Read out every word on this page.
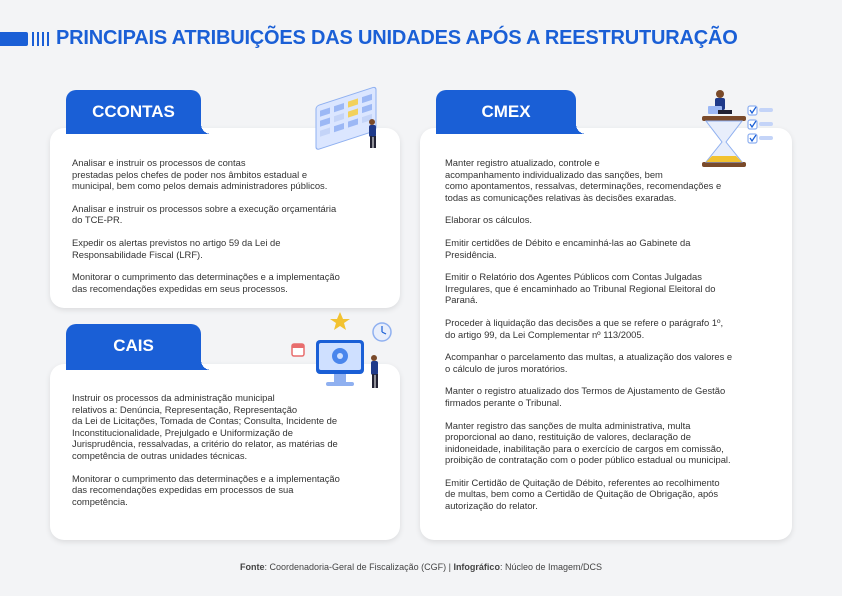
PRINCIPAIS ATRIBUIÇÕES DAS UNIDADES APÓS A REESTRUTURAÇÃO
CCONTAS

Analisar e instruir os processos de contas
prestadas pelos chefes de poder nos âmbitos estadual e
municipal, bem como pelos demais administradores públicos.

Analisar e instruir os processos sobre a execução orçamentária
do TCE-PR.

Expedir os alertas previstos no artigo 59 da Lei de
Responsabilidade Fiscal (LRF).

Monitorar o cumprimento das determinações e a implementação
das recomendações expedidas em seus processos.

CAIS

Instruir os processos da administração municipal
relativos a: Denúncia, Representação, Representação
da Lei de Licitações, Tomada de Contas; Consulta, Incidente de
Inconstitucionalidade, Prejulgado e Uniformização de
Jurisprudência, ressalvadas, a critério do relator, as matérias de
competência de outras unidades técnicas.

Monitorar o cumprimento das determinações e a implementação
das recomendações expedidas em processos de sua
competência.

CMEX

Manter registro atualizado, controle e
acompanhamento individualizado das sanções, bem
como apontamentos, ressalvas, determinações, recomendações e
todas as comunicações relativas às decisões exaradas.

Elaborar os cálculos.

Emitir certidões de Débito e encaminhá-las ao Gabinete da
Presidência.

Emitir o Relatório dos Agentes Públicos com Contas Julgadas
Irregulares, que é encaminhado ao Tribunal Regional Eleitoral do
Paraná.

Proceder à liquidação das decisões a que se refere o parágrafo 1º,
do artigo 99, da Lei Complementar nº 113/2005.

Acompanhar o parcelamento das multas, a atualização dos valores e
o cálculo de juros moratórios.

Manter o registro atualizado dos Termos de Ajustamento de Gestão
firmados perante o Tribunal.

Manter registro das sanções de multa administrativa, multa
proporcional ao dano, restituição de valores, declaração de
inidoneidade, inabilitação para o exercício de cargos em comissão,
proibição de contratação com o poder público estadual ou municipal.

Emitir Certidão de Quitação de Débito, referentes ao recolhimento
de multas, bem como a Certidão de Quitação de Obrigação, após
autorização do relator.

Fonte: Coordenadoria-Geral de Fiscalização (CGF) | Infográfico: Núcleo de Imagem/DCS
